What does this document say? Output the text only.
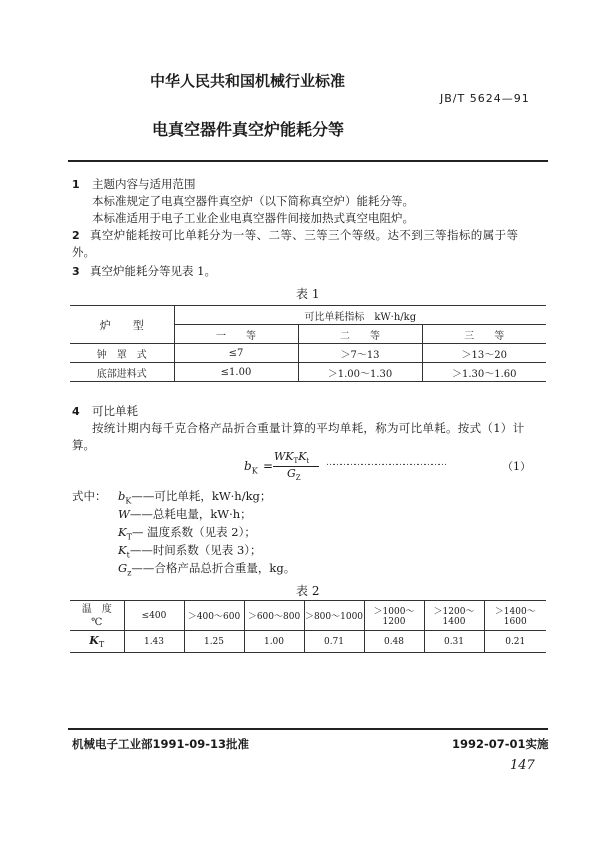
中华人民共和国机械行业标准
JB/T 5624—91
电真空器件真空炉能耗分等
1 主题内容与适用范围
本标准规定了电真空器件真空炉（以下简称真空炉）能耗分等。
本标准适用于电子工业企业电真空器件间接加热式真空电阻炉。
2 真空炉能耗按可比单耗分为一等、二等、三等三个等级。达不到三等指标的属于等
外。
3 真空炉能耗分等见表 1。
表 1
炉　　型	可比单耗指标　kW·h/kg		
	一　　等	二　　等	三　　等
钟　罩　式	≤7	＞7～13	＞13～20
底部进料式	≤1.00	＞1.00～1.30	＞1.30～1.60
4 可比单耗
按统计期内每千克合格产品折合重量计算的平均单耗，称为可比单耗。按式（1）计
算。
$b_K$ =
$WK_TK_t$
$G_Z$
……………………………………………	（1）
式中： $b_K——$可比单耗，kW·h/kg；
W——总耗电量，kW·h；
$K_T—$ 温度系数（见表 2）；
$K_t——$时间系数（见表 3）；
$G_z——$合格产品总折合重量，kg。
表 2
温　度
℃	≤400	＞400～600	＞600～800	＞800～1000	＞1000～1200	＞1200～1400	＞1400～1600
$K_T$	1.43	1.25	1.00	0.71	0.48	0.31	0.21
机械电子工业部1991-09-13批准	1992-07-01实施
147
